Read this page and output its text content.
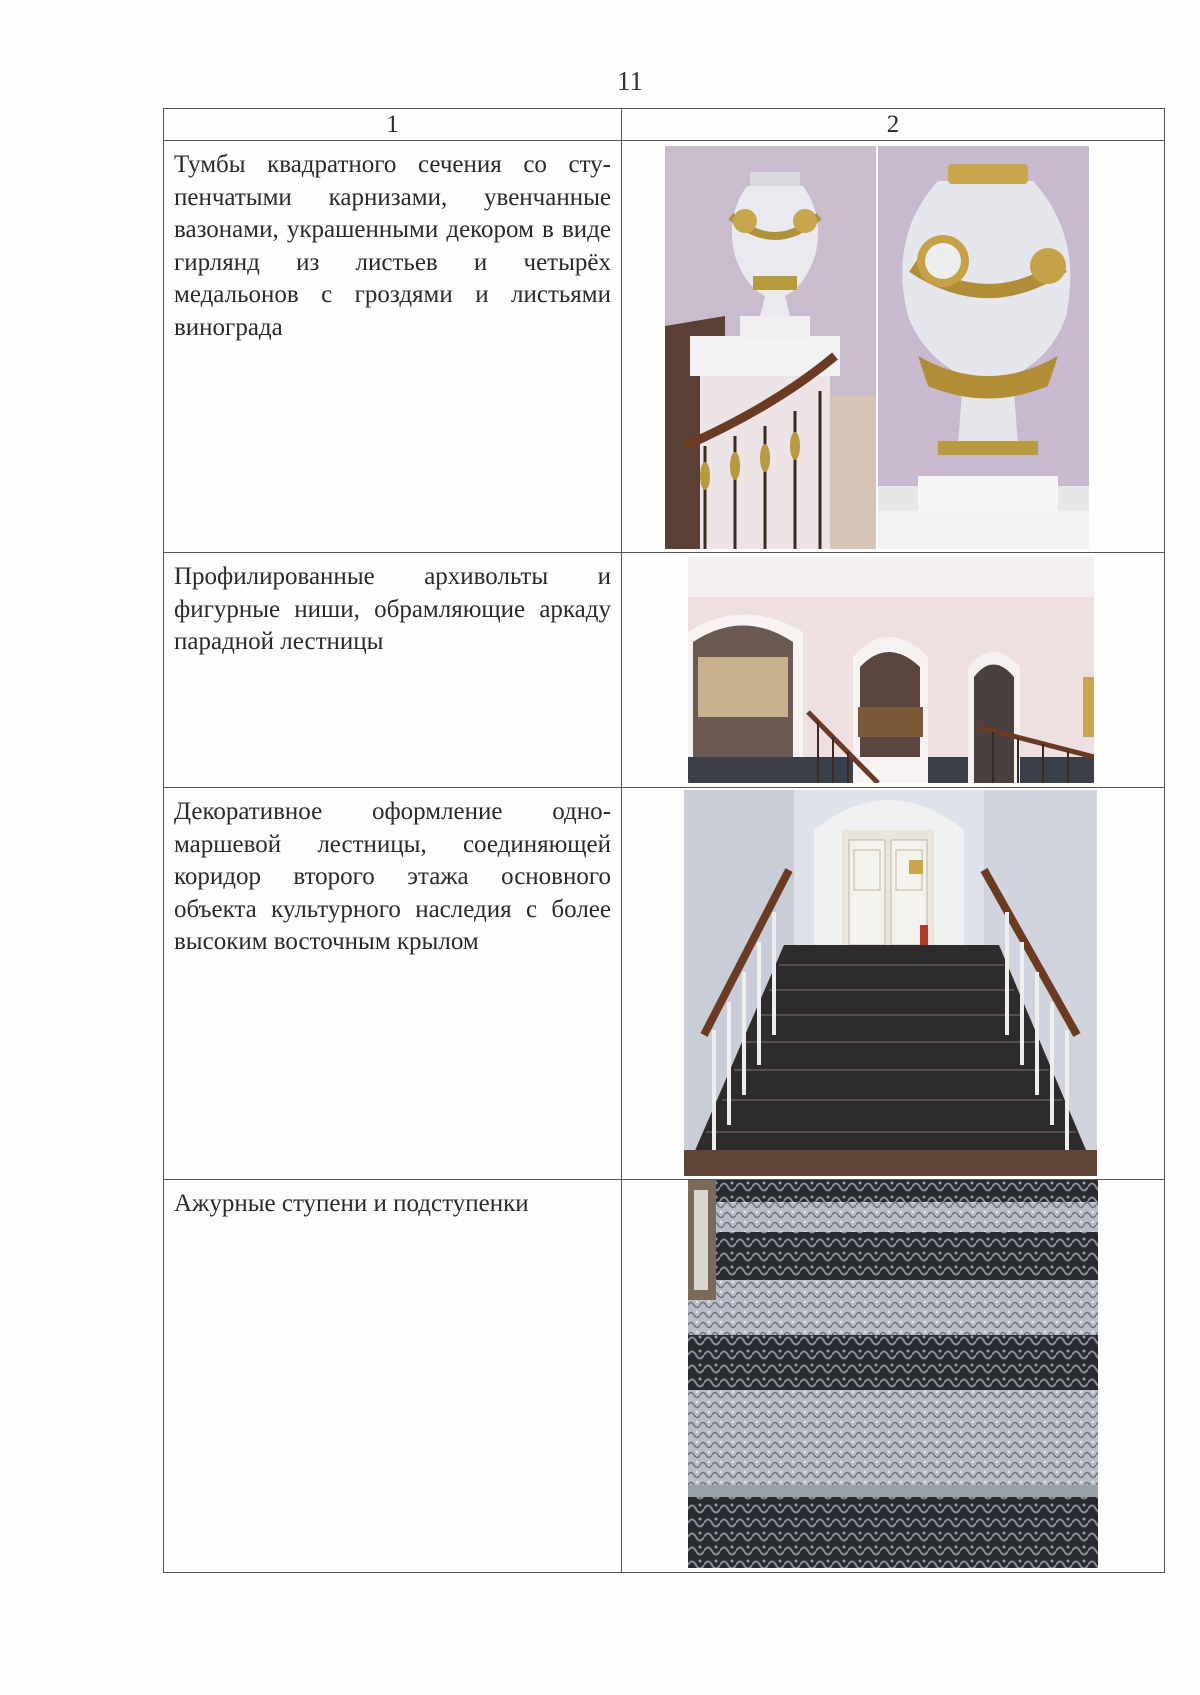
11
1	2

Тумбы квадратного сечения со ступенчатыми карнизами, увенчанные вазонами, украшенными декором в виде гирлянд из листьев и четырёх медальонов с гроздями и листьями винограда

Профилированные архивольты и фигурные ниши, обрамляющие аркаду парадной лестницы

Декоративное оформление одномаршевой лестницы, соединяющей коридор второго этажа основного объекта культурного наследия с более высоким восточным крылом

Ажурные ступени и подступенки
